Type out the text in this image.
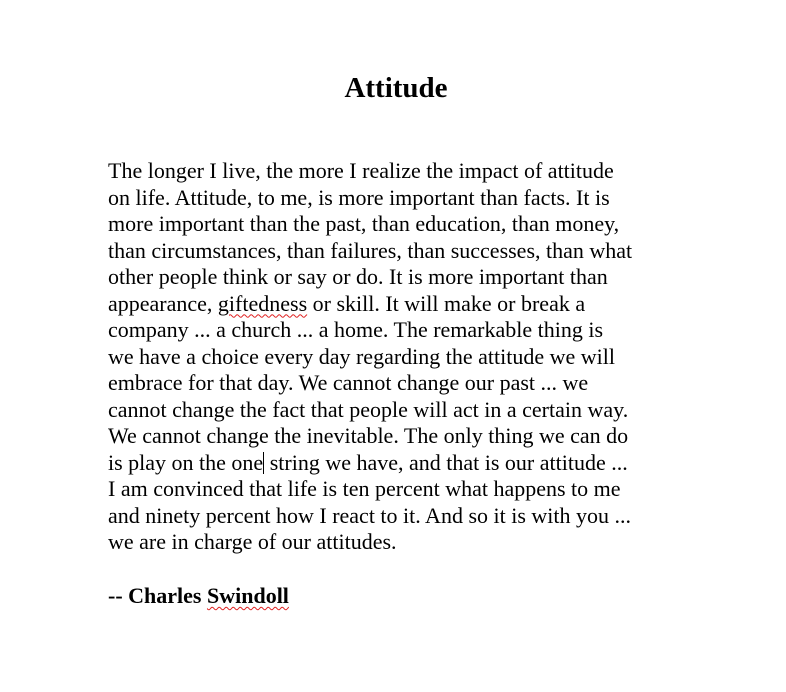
Attitude
The longer I live, the more I realize the impact of attitude
on life. Attitude, to me, is more important than facts. It is
more important than the past, than education, than money,
than circumstances, than failures, than successes, than what
other people think or say or do. It is more important than
appearance, giftedness or skill. It will make or break a
company ... a church ... a home. The remarkable thing is
we have a choice every day regarding the attitude we will
embrace for that day. We cannot change our past ... we
cannot change the fact that people will act in a certain way.
We cannot change the inevitable. The only thing we can do
is play on the one string we have, and that is our attitude ...
I am convinced that life is ten percent what happens to me
and ninety percent how I react to it. And so it is with you ...
we are in charge of our attitudes.
-- Charles Swindoll
